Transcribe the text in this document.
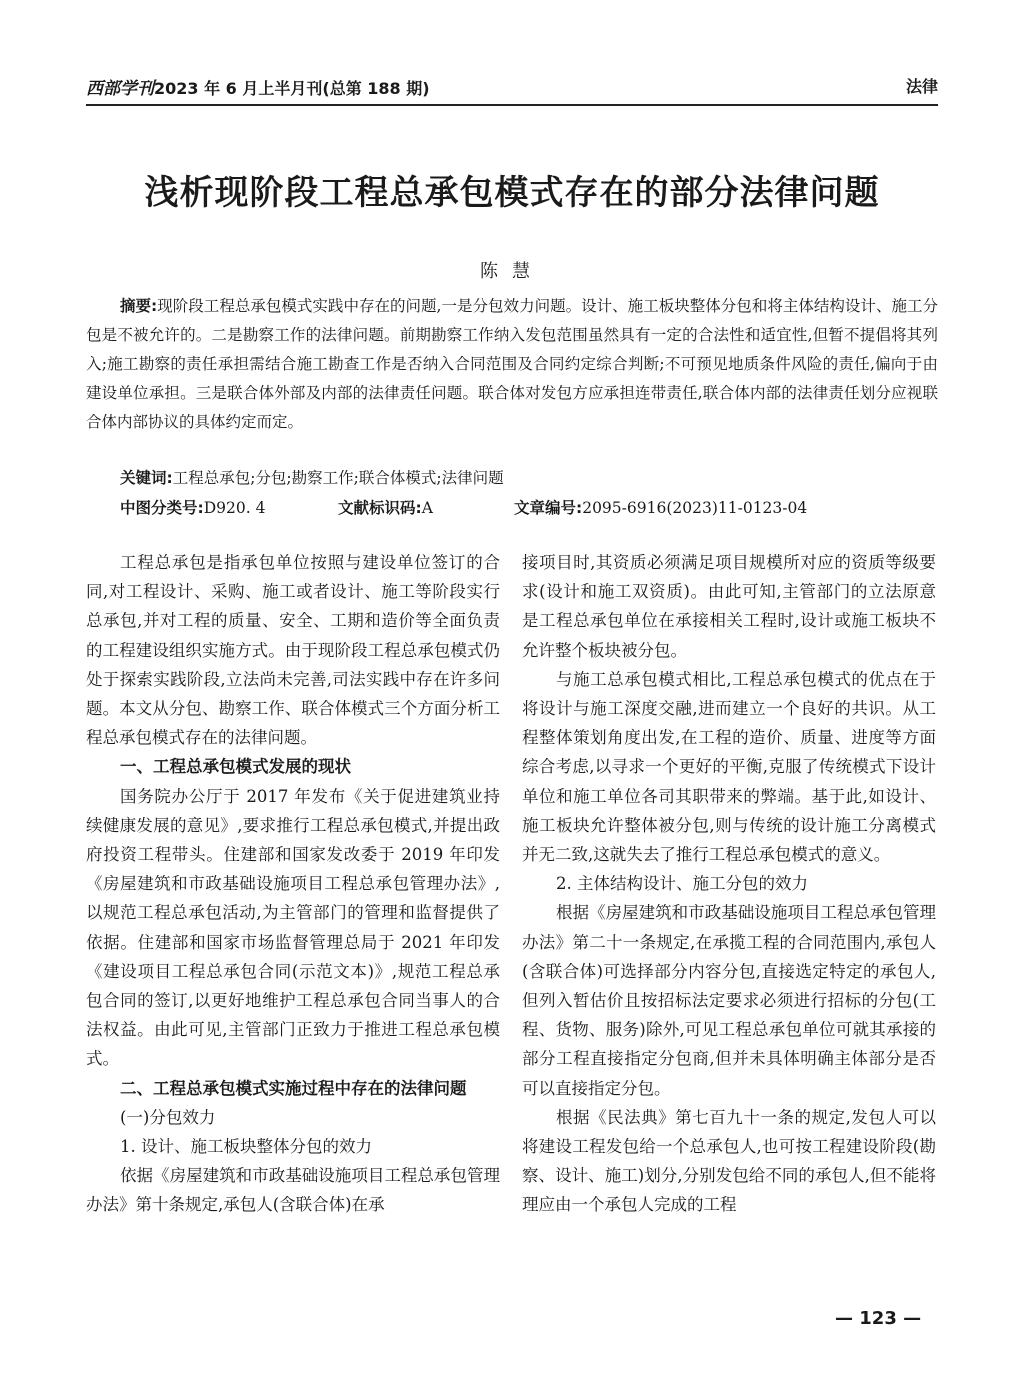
西部学刊2023 年 6 月上半月刊(总第 188 期)	法律
浅析现阶段工程总承包模式存在的部分法律问题
陈慧

摘要:现阶段工程总承包模式实践中存在的问题,一是分包效力问题。设计、施工板块整体分包和将主体结构设计、施工分包是不被允许的。二是勘察工作的法律问题。前期勘察工作纳入发包范围虽然具有一定的合法性和适宜性,但暂不提倡将其列入;施工勘察的责任承担需结合施工勘查工作是否纳入合同范围及合同约定综合判断;不可预见地质条件风险的责任,偏向于由建设单位承担。三是联合体外部及内部的法律责任问题。联合体对发包方应承担连带责任,联合体内部的法律责任划分应视联合体内部协议的具体约定而定。

关键词:工程总承包;分包;勘察工作;联合体模式;法律问题
中图分类号:D920. 4	文献标识码:A	文章编号:2095-6916(2023)11-0123-04

工程总承包是指承包单位按照与建设单位签订的合同,对工程设计、采购、施工或者设计、施工等阶段实行总承包,并对工程的质量、安全、工期和造价等全面负责的工程建设组织实施方式。由于现阶段工程总承包模式仍处于探索实践阶段,立法尚未完善,司法实践中存在许多问题。本文从分包、勘察工作、联合体模式三个方面分析工程总承包模式存在的法律问题。

一、工程总承包模式发展的现状

国务院办公厅于 2017 年发布《关于促进建筑业持续健康发展的意见》,要求推行工程总承包模式,并提出政府投资工程带头。住建部和国家发改委于 2019 年印发《房屋建筑和市政基础设施项目工程总承包管理办法》,以规范工程总承包活动,为主管部门的管理和监督提供了依据。住建部和国家市场监督管理总局于 2021 年印发《建设项目工程总承包合同(示范文本)》,规范工程总承包合同的签订,以更好地维护工程总承包合同当事人的合法权益。由此可见,主管部门正致力于推进工程总承包模式。

二、工程总承包模式实施过程中存在的法律问题

(一)分包效力

1. 设计、施工板块整体分包的效力

依据《房屋建筑和市政基础设施项目工程总承包管理办法》第十条规定,承包人(含联合体)在承

接项目时,其资质必须满足项目规模所对应的资质等级要求(设计和施工双资质)。由此可知,主管部门的立法原意是工程总承包单位在承接相关工程时,设计或施工板块不允许整个板块被分包。

与施工总承包模式相比,工程总承包模式的优点在于将设计与施工深度交融,进而建立一个良好的共识。从工程整体策划角度出发,在工程的造价、质量、进度等方面综合考虑,以寻求一个更好的平衡,克服了传统模式下设计单位和施工单位各司其职带来的弊端。基于此,如设计、施工板块允许整体被分包,则与传统的设计施工分离模式并无二致,这就失去了推行工程总承包模式的意义。

2. 主体结构设计、施工分包的效力

根据《房屋建筑和市政基础设施项目工程总承包管理办法》第二十一条规定,在承揽工程的合同范围内,承包人(含联合体)可选择部分内容分包,直接选定特定的承包人,但列入暂估价且按招标法定要求必须进行招标的分包(工程、货物、服务)除外,可见工程总承包单位可就其承接的部分工程直接指定分包商,但并未具体明确主体部分是否可以直接指定分包。

根据《民法典》第七百九十一条的规定,发包人可以将建设工程发包给一个总承包人,也可按工程建设阶段(勘察、设计、施工)划分,分别发包给不同的承包人,但不能将理应由一个承包人完成的工程

— 123 —
